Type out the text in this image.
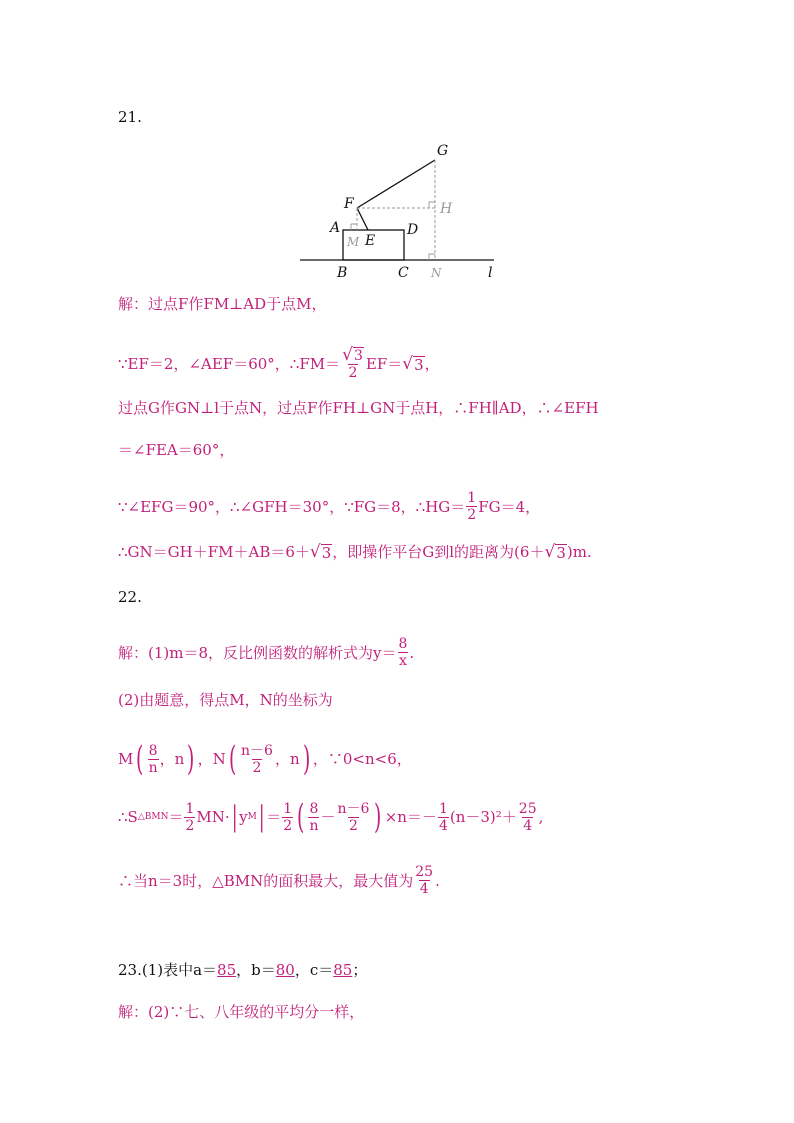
21.
G
F	H
A
M E
D
B	C N	l
解：过点F作FM⊥AD于点M，
∵EF＝2，∠AEF＝60°，∴FM＝ $\frac{√ 3}{2} EF=$ √ 3 ，
过点G作GN⊥l于点N，过点F作FH⊥GN于点H，∴FH∥AD，∴∠EFH
＝∠FEA＝60°，
∵∠EFG＝90°，∴∠GFH＝30°，∵FG＝8，∴HG＝ $\frac{1}{2} FG=4$，
∴GN＝GH＋FM＋AB＝6＋ √ 3 ，即操作平台G到l的距离为(6＋ √ 3 )m.
22.
解：(1)m＝8，反比例函数的解析式为$y= \frac{8}{x}$ .
(2)由题意，得点M，N的坐标为
M ( $\frac{8}{n}$ ，n ) ，N ( $\frac{n-6}{2}$ ，n ) ，∵0<n<6，
∴S △BMN ＝ $\frac{1}{2} MN\cdot$ | y M | ＝ $\frac{1}{2}$ ( $\frac{8}{n} - \frac{n-6}{2}$ ) $\times n=- \frac{1}{4} (n-3)^2+ \frac{25}{4}$ ,
∴当n＝3时，△BMN的面积最大，最大值为 $\frac{25}{4}$ .
23.(1)表中a＝ 85 ，b＝ 80 ，c＝ 85 ；
解：(2)∵七、八年级的平均分一样，
